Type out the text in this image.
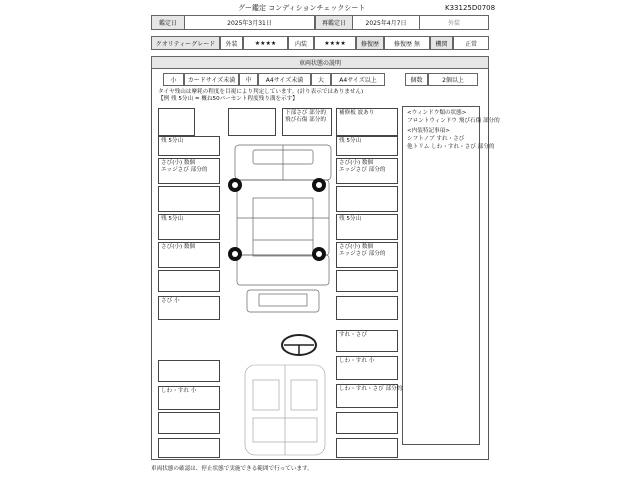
グー鑑定 コンディションチェックシート	K33125D0708
鑑定日	2025年3月31日	再鑑定日	2025年4月7日	外装
クオリティーグレード	外装	★★★★	内装	★★★★	修復歴	修復歴 無	機関	正常
車両状態の説明
小	カードサイズ未満	中	A4サイズ未満	大	A4サイズ以上	個数	2個以上
タイヤ残山は摩耗の程度を目視により判定しています。(計り表示ではありません)
【例 残 5分山 = 概ね50パーセント程度残り溝を示す】
<ウィンドウ類の状態>
フロントウィンドウ 飛び石傷 部分的
<内装特記事項>
シフトノブ すれ・さび
他トリム しわ・すれ・さび 部分的
残 5分山
さび(小) 数個
エッジさび 部分的
残 5分山
さび(小) 数個
さび 小
しわ・すれ 小
下部さび 部分的
飛び石傷 部分的
補修板 波あり
残 5分山
さび(小) 数個
エッジさび 部分的
残 5分山
さび(小) 数個
エッジさび 部分的
すれ・さび
しわ・すれ 小
しわ・すれ・さび 部分的
車両状態の確認は、停止状態で実施できる範囲で行っています。
